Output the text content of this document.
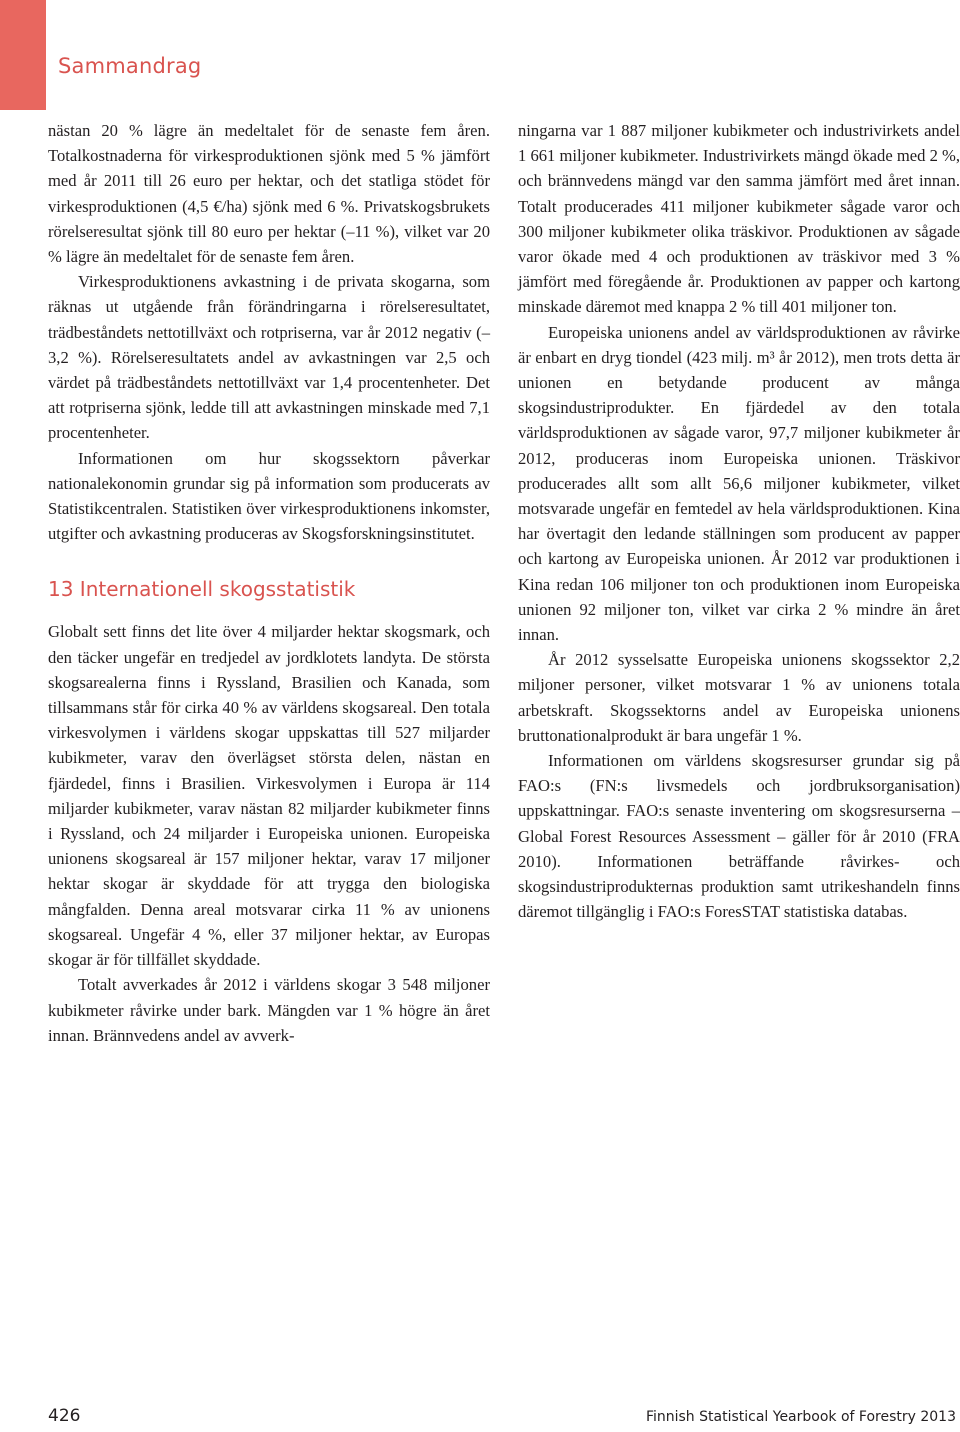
Sammandrag

nästan 20 % lägre än medeltalet för de senaste fem åren. Totalkostnaderna för virkesproduktionen sjönk med 5 % jämfört med år 2011 till 26 euro per hektar, och det statliga stödet för virkesproduktionen (4,5 €/ha) sjönk med 6 %. Privatskogsbrukets rörelseresultat sjönk till 80 euro per hektar (–11 %), vilket var 20 % lägre än medeltalet för de senaste fem åren.

Virkesproduktionens avkastning i de privata skogarna, som räknas ut utgående från förändringarna i rörelseresultatet, trädbeståndets nettotillväxt och rotpriserna, var år 2012 negativ (–3,2 %). Rörelseresultatets andel av avkastningen var 2,5 och värdet på trädbeståndets nettotillväxt var 1,4 procentenheter. Det att rotpriserna sjönk, ledde till att avkastningen minskade med 7,1 procentenheter.

Informationen om hur skogssektorn påverkar nationalekonomin grundar sig på information som producerats av Statistikcentralen. Statistiken över virkesproduktionens inkomster, utgifter och avkastning produceras av Skogsforskningsinstitutet.

13 Internationell skogsstatistik

Globalt sett finns det lite över 4 miljarder hektar skogsmark, och den täcker ungefär en tredjedel av jordklotets landyta. De största skogsarealerna finns i Ryssland, Brasilien och Kanada, som tillsammans står för cirka 40 % av världens skogsareal. Den totala virkesvolymen i världens skogar uppskattas till 527 miljarder kubikmeter, varav den överlägset största delen, nästan en fjärdedel, finns i Brasilien. Virkesvolymen i Europa är 114 miljarder kubikmeter, varav nästan 82 miljarder kubikmeter finns i Ryssland, och 24 miljarder i Europeiska unionen. Europeiska unionens skogsareal är 157 miljoner hektar, varav 17 miljoner hektar skogar är skyddade för att trygga den biologiska mångfalden. Denna areal motsvarar cirka 11 % av unionens skogsareal. Ungefär 4 %, eller 37 miljoner hektar, av Europas skogar är för tillfället skyddade.

Totalt avverkades år 2012 i världens skogar 3 548 miljoner kubikmeter råvirke under bark. Mängden var 1 % högre än året innan. Brännvedens andel av avverk-

ningarna var 1 887 miljoner kubikmeter och industrivirkets andel 1 661 miljoner kubikmeter. Industrivirkets mängd ökade med 2 %, och brännvedens mängd var den samma jämfört med året innan. Totalt producerades 411 miljoner kubikmeter sågade varor och 300 miljoner kubikmeter olika träskivor. Produktionen av sågade varor ökade med 4 och produktionen av träskivor med 3 % jämfört med föregående år. Produktionen av papper och kartong minskade däremot med knappa 2 % till 401 miljoner ton.

Europeiska unionens andel av världsproduktionen av råvirke är enbart en dryg tiondel (423 milj. m³ år 2012), men trots detta är unionen en betydande producent av många skogsindustriprodukter. En fjärdedel av den totala världsproduktionen av sågade varor, 97,7 miljoner kubikmeter år 2012, produceras inom Europeiska unionen. Träskivor producerades allt som allt 56,6 miljoner kubikmeter, vilket motsvarade ungefär en femtedel av hela världsproduktionen. Kina har övertagit den ledande ställningen som producent av papper och kartong av Europeiska unionen. År 2012 var produktionen i Kina redan 106 miljoner ton och produktionen inom Europeiska unionen 92 miljoner ton, vilket var cirka 2 % mindre än året innan.

År 2012 sysselsatte Europeiska unionens skogssektor 2,2 miljoner personer, vilket motsvarar 1 % av unionens totala arbetskraft. Skogssektorns andel av Europeiska unionens bruttonationalprodukt är bara ungefär 1 %.

Informationen om världens skogsresurser grundar sig på FAO:s (FN:s livsmedels och jordbruksorganisation) uppskattningar. FAO:s senaste inventering om skogsresurserna – Global Forest Resources Assessment – gäller för år 2010 (FRA 2010). Informationen beträffande råvirkes- och skogsindustriprodukternas produktion samt utrikeshandeln finns däremot tillgänglig i FAO:s ForesSTAT statistiska databas.

426	Finnish Statistical Yearbook of Forestry 2013
